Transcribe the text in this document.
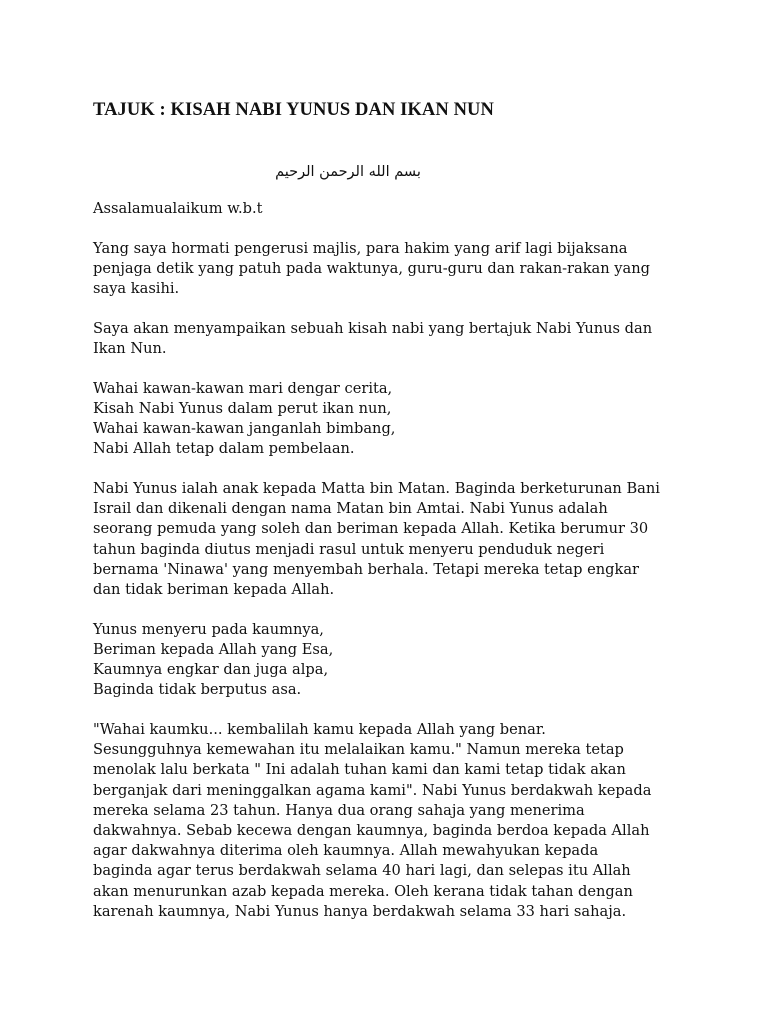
TAJUK : KISAH NABI YUNUS DAN IKAN NUN
بسم الله الرحمن الرحيم

Assalamualaikum w.b.t

Yang saya hormati pengerusi majlis, para hakim yang arif lagi bijaksana
penjaga detik yang patuh pada waktunya, guru-guru dan rakan-rakan yang
saya kasihi.
Saya akan menyampaikan sebuah kisah nabi yang bertajuk Nabi Yunus dan
Ikan Nun.
Wahai kawan-kawan mari dengar cerita,
Kisah Nabi Yunus dalam perut ikan nun,
Wahai kawan-kawan janganlah bimbang,
Nabi Allah tetap dalam pembelaan.
Nabi Yunus ialah anak kepada Matta bin Matan. Baginda berketurunan Bani
Israil dan dikenali dengan nama Matan bin Amtai. Nabi Yunus adalah
seorang pemuda yang soleh dan beriman kepada Allah. Ketika berumur 30
tahun baginda diutus menjadi rasul untuk menyeru penduduk negeri
bernama 'Ninawa' yang menyembah berhala. Tetapi mereka tetap engkar
dan tidak beriman kepada Allah.
Yunus menyeru pada kaumnya,
Beriman kepada Allah yang Esa,
Kaumnya engkar dan juga alpa,
Baginda tidak berputus asa.
"Wahai kaumku... kembalilah kamu kepada Allah yang benar.
Sesungguhnya kemewahan itu melalaikan kamu." Namun mereka tetap
menolak lalu berkata " Ini adalah tuhan kami dan kami tetap tidak akan
berganjak dari meninggalkan agama kami". Nabi Yunus berdakwah kepada
mereka selama 23 tahun. Hanya dua orang sahaja yang menerima
dakwahnya. Sebab kecewa dengan kaumnya, baginda berdoa kepada Allah
agar dakwahnya diterima oleh kaumnya. Allah mewahyukan kepada
baginda agar terus berdakwah selama 40 hari lagi, dan selepas itu Allah
akan menurunkan azab kepada mereka. Oleh kerana tidak tahan dengan
karenah kaumnya, Nabi Yunus hanya berdakwah selama 33 hari sahaja.
